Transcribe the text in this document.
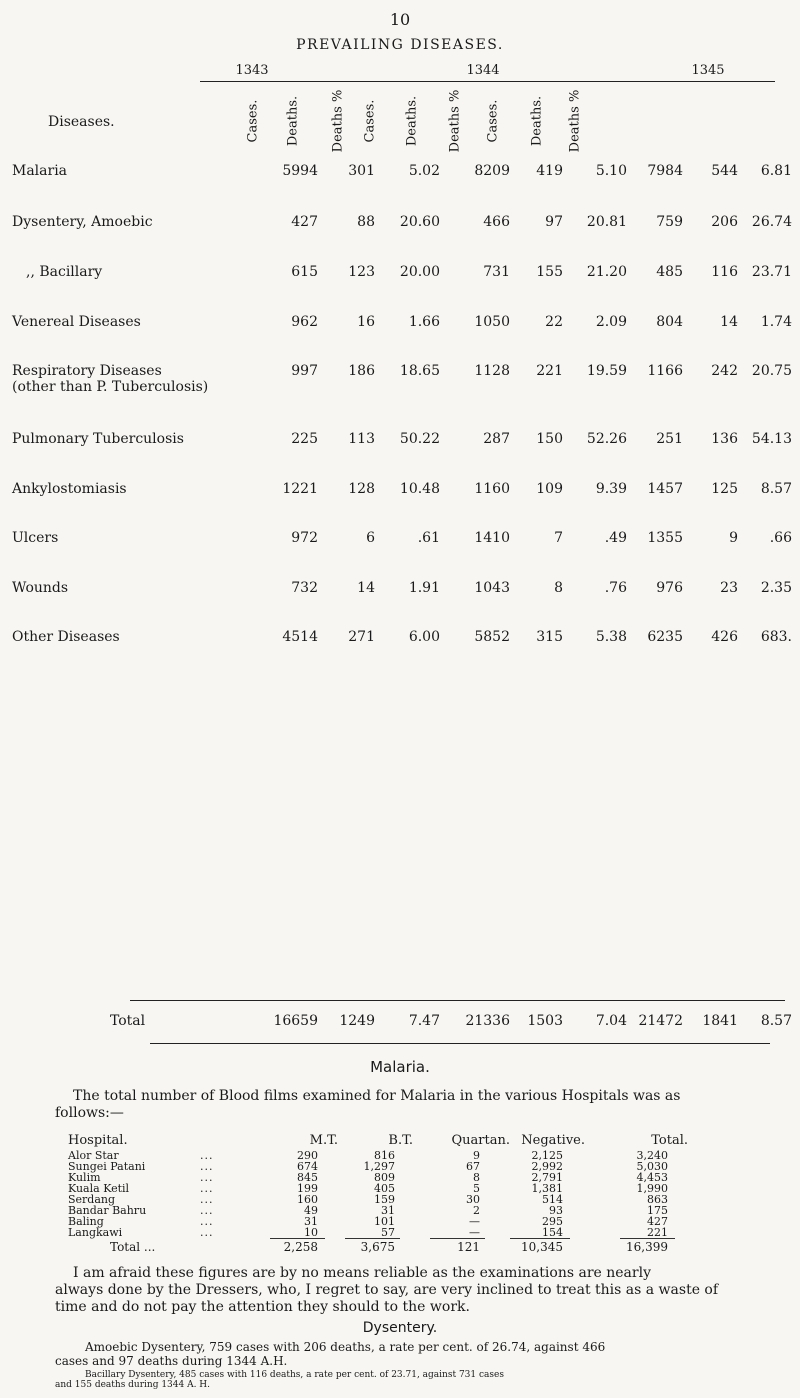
10
PREVAILING DISEASES.
1343	1344	1345
Diseases.	Cases. Deaths. Deaths % Cases. Deaths. Deaths % Cases. Deaths. Deaths %
Malaria	5994	301	5.02	8209	419	5.10	7984	544	6.81
Dysentery, Amoebic	427	88	20.60	466	97	20.81	759	206 26.74
,, Bacillary	615	123	20.00	731	155	21.20	485	116 23.71
Venereal Diseases	962	16	1.66	1050	22	2.09	804	14	1.74
Respiratory Diseases
(other than P. Tuberculosis)
997	186	18.65	1128	221	19.59	1166	242 20.75
Pulmonary Tuberculosis	225	113	50.22	287	150	52.26	251	136 54.13
Ankylostomiasis	1221	128	10.48	1160	109	9.39	1457	125	8.57
Ulcers	972	6	.61	1410	7	.49	1355	9	.66
Wounds	732	14	1.91	1043	8	.76	976	23	2.35
Other Diseases	4514	271	6.00	5852	315	5.38	6235	426	683.
Total	16659	1249	7.47	21336	1503	7.04 21472	1841	8.57
Malaria.
The total number of Blood films examined for Malaria in the various Hospitals was as
follows:—
Hospital.	M.T.	B.T.	Quartan. Negative.	Total.
Alor Star	...	290	816	9	2,125	3,240
Sungei Patani	...	674	1,297	67	2,992	5,030
Kulim	...	845	809	8	2,791	4,453
Kuala Ketil	...	199	405	5	1,381	1,990
Serdang	...	160	159	30	514	863
Bandar Bahru	...	49	31	2	93	175
Baling	...	31	101	—	295	427
Langkawi	...	10	57	—	154	221
Total ...	2,258	3,675	121	10,345	16,399
I am afraid these figures are by no means reliable as the examinations are nearly
always done by the Dressers, who, I regret to say, are very inclined to treat this as a waste of
time and do not pay the attention they should to the work.
Dysentery.
Amoebic Dysentery, 759 cases with 206 deaths, a rate per cent. of 26.74, against 466
cases and 97 deaths during 1344 A.H.
Bacillary Dysentery, 485 cases with 116 deaths, a rate per cent. of 23.71, against 731 cases
and 155 deaths during 1344 A. H.
